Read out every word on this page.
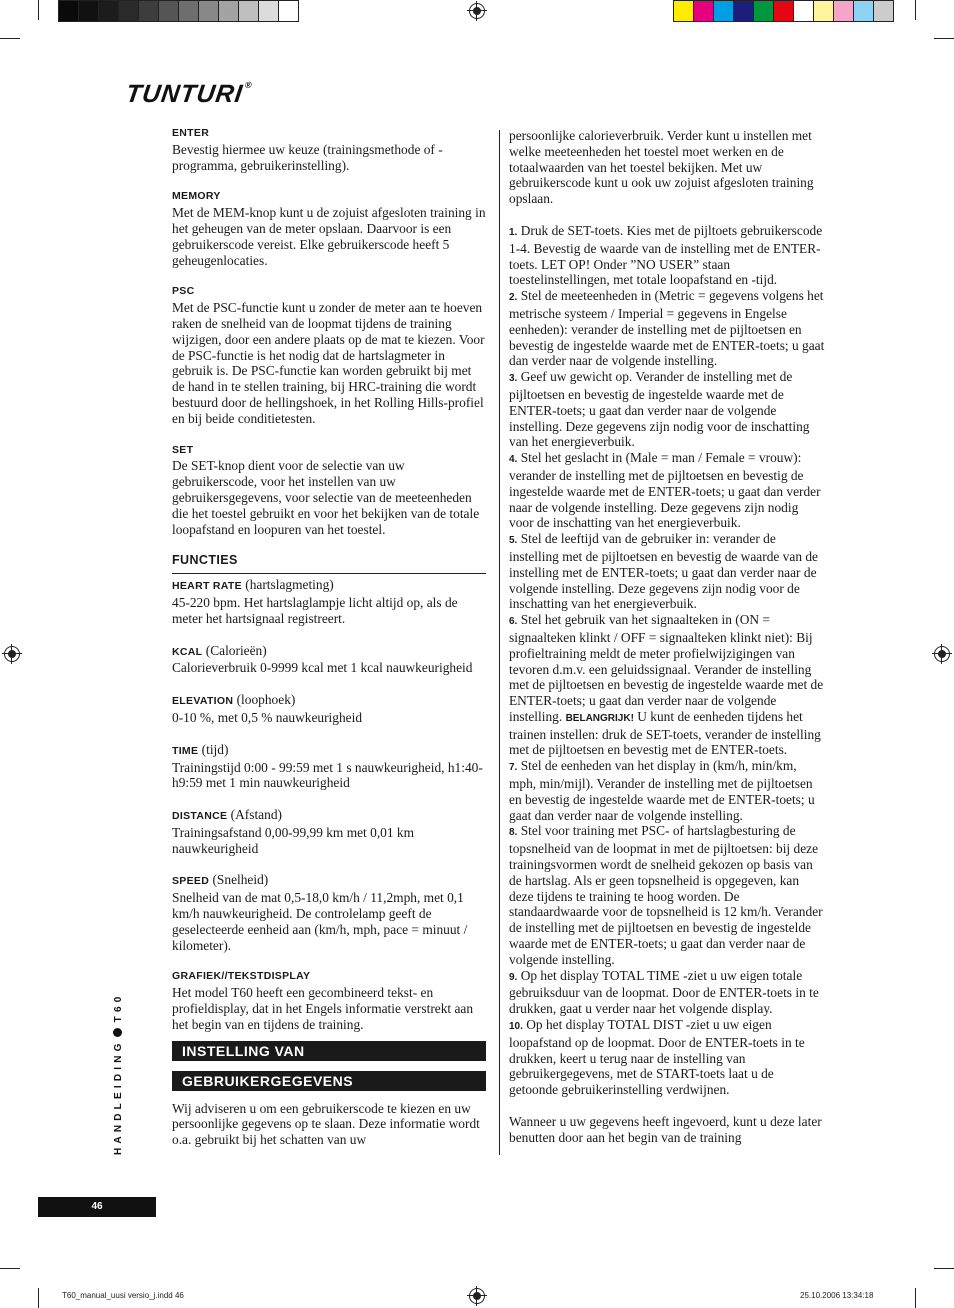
TUNTURI®
ENTER

Bevestig hiermee uw keuze (trainingsmethode of -programma, gebruikerinstelling).

MEMORY

Met de MEM-knop kunt u de zojuist afgesloten training in het geheugen van de meter opslaan. Daarvoor is een gebruikerscode vereist. Elke gebruikerscode heeft 5 geheugenlocaties.

PSC

Met de PSC-functie kunt u zonder de meter aan te hoeven raken de snelheid van de loopmat tijdens de training wijzigen, door een andere plaats op de mat te kiezen. Voor de PSC-functie is het nodig dat de hartslagmeter in gebruik is. De PSC-functie kan worden gebruikt bij met de hand in te stellen training, bij HRC-training die wordt bestuurd door de hellingshoek, in het Rolling Hills-profiel en bij beide conditietesten.

SET

De SET-knop dient voor de selectie van uw gebruikerscode, voor het instellen van uw gebruikersgegevens, voor selectie van de meeteenheden die het toestel gebruikt en voor het bekijken van de totale loopafstand en loopuren van het toestel.

FUNCTIES

HEART RATE (hartslagmeting)

45-220 bpm. Het hartslaglampje licht altijd op, als de meter het hartsignaal registreert.

KCAL (Calorieën)

Calorieverbruik 0-9999 kcal met 1 kcal nauwkeurigheid

ELEVATION (loophoek)

0-10 %, met 0,5 % nauwkeurigheid

TIME (tijd)

Trainingstijd 0:00 - 99:59 met 1 s nauwkeurigheid, h1:40-h9:59 met 1 min nauwkeurigheid

DISTANCE (Afstand)

Trainingsafstand 0,00-99,99 km met 0,01 km nauwkeurigheid

SPEED (Snelheid)

Snelheid van de mat 0,5-18,0 km/h / 11,2mph, met 0,1 km/h nauwkeurigheid. De controlelamp geeft de geselecteerde eenheid aan (km/h, mph, pace = minuut / kilometer).

GRAFIEK//TEKSTDISPLAY

Het model T60 heeft een gecombineerd tekst- en profieldisplay, dat in het Engels informatie verstrekt aan het begin van en tijdens de training.

INSTELLING VAN
GEBRUIKERGEGEVENS

Wij adviseren u om een gebruikerscode te kiezen en uw persoonlijke gegevens op te slaan. Deze informatie wordt o.a. gebruikt bij het schatten van uw

persoonlijke calorieverbruik. Verder kunt u instellen met welke meeteenheden het toestel moet werken en de totaalwaarden van het toestel bekijken. Met uw gebruikerscode kunt u ook uw zojuist afgesloten training opslaan.

1. Druk de SET-toets. Kies met de pijltoets gebruikerscode 1-4. Bevestig de waarde van de instelling met de ENTER-toets. LET OP! Onder ”NO USER” staan toestelinstellingen, met totale loopafstand en -tijd.

2. Stel de meeteenheden in (Metric = gegevens volgens het metrische systeem / Imperial = gegevens in Engelse eenheden): verander de instelling met de pijltoetsen en bevestig de ingestelde waarde met de ENTER-toets; u gaat dan verder naar de volgende instelling.

3. Geef uw gewicht op. Verander de instelling met de pijltoetsen en bevestig de ingestelde waarde met de ENTER-toets; u gaat dan verder naar de volgende instelling. Deze gegevens zijn nodig voor de inschatting van het energieverbuik.

4. Stel het geslacht in (Male = man / Female = vrouw): verander de instelling met de pijltoetsen en bevestig de ingestelde waarde met de ENTER-toets; u gaat dan verder naar de volgende instelling. Deze gegevens zijn nodig voor de inschatting van het energieverbuik.

5. Stel de leeftijd van de gebruiker in: verander de instelling met de pijltoetsen en bevestig de waarde van de instelling met de ENTER-toets; u gaat dan verder naar de volgende instelling. Deze gegevens zijn nodig voor de inschatting van het energieverbuik.

6. Stel het gebruik van het signaalteken in (ON = signaalteken klinkt / OFF = signaalteken klinkt niet): Bij profieltraining meldt de meter profielwijzigingen van tevoren d.m.v. een geluidssignaal. Verander de instelling met de pijltoetsen en bevestig de ingestelde waarde met de ENTER-toets; u gaat dan verder naar de volgende instelling. BELANGRIJK! U kunt de eenheden tijdens het trainen instellen: druk de SET-toets, verander de instelling met de pijltoetsen en bevestig met de ENTER-toets.

7. Stel de eenheden van het display in (km/h, min/km, mph, min/mijl). Verander de instelling met de pijltoetsen en bevestig de ingestelde waarde met de ENTER-toets; u gaat dan verder naar de volgende instelling.

8. Stel voor training met PSC- of hartslagbesturing de topsnelheid van de loopmat in met de pijltoetsen: bij deze trainingsvormen wordt de snelheid gekozen op basis van de hartslag. Als er geen topsnelheid is opgegeven, kan deze tijdens te training te hoog worden. De standaardwaarde voor de topsnelheid is 12 km/h. Verander de instelling met de pijltoetsen en bevestig de ingestelde waarde met de ENTER-toets; u gaat dan verder naar de volgende instelling.

9. Op het display TOTAL TIME -ziet u uw eigen totale gebruiksduur van de loopmat. Door de ENTER-toets in te drukken, gaat u verder naar het volgende display.

10. Op het display TOTAL DIST -ziet u uw eigen loopafstand op de loopmat. Door de ENTER-toets in te drukken, keert u terug naar de instelling van gebruikergegevens, met de START-toets laat u de getoonde gebruikerinstelling verdwijnen.

Wanneer u uw gegevens heeft ingevoerd, kunt u deze later benutten door aan het begin van de training

HANDLEIDINGT60
46
T60_manual_uusi versio_j.indd 46	25.10.2006 13:34:18
